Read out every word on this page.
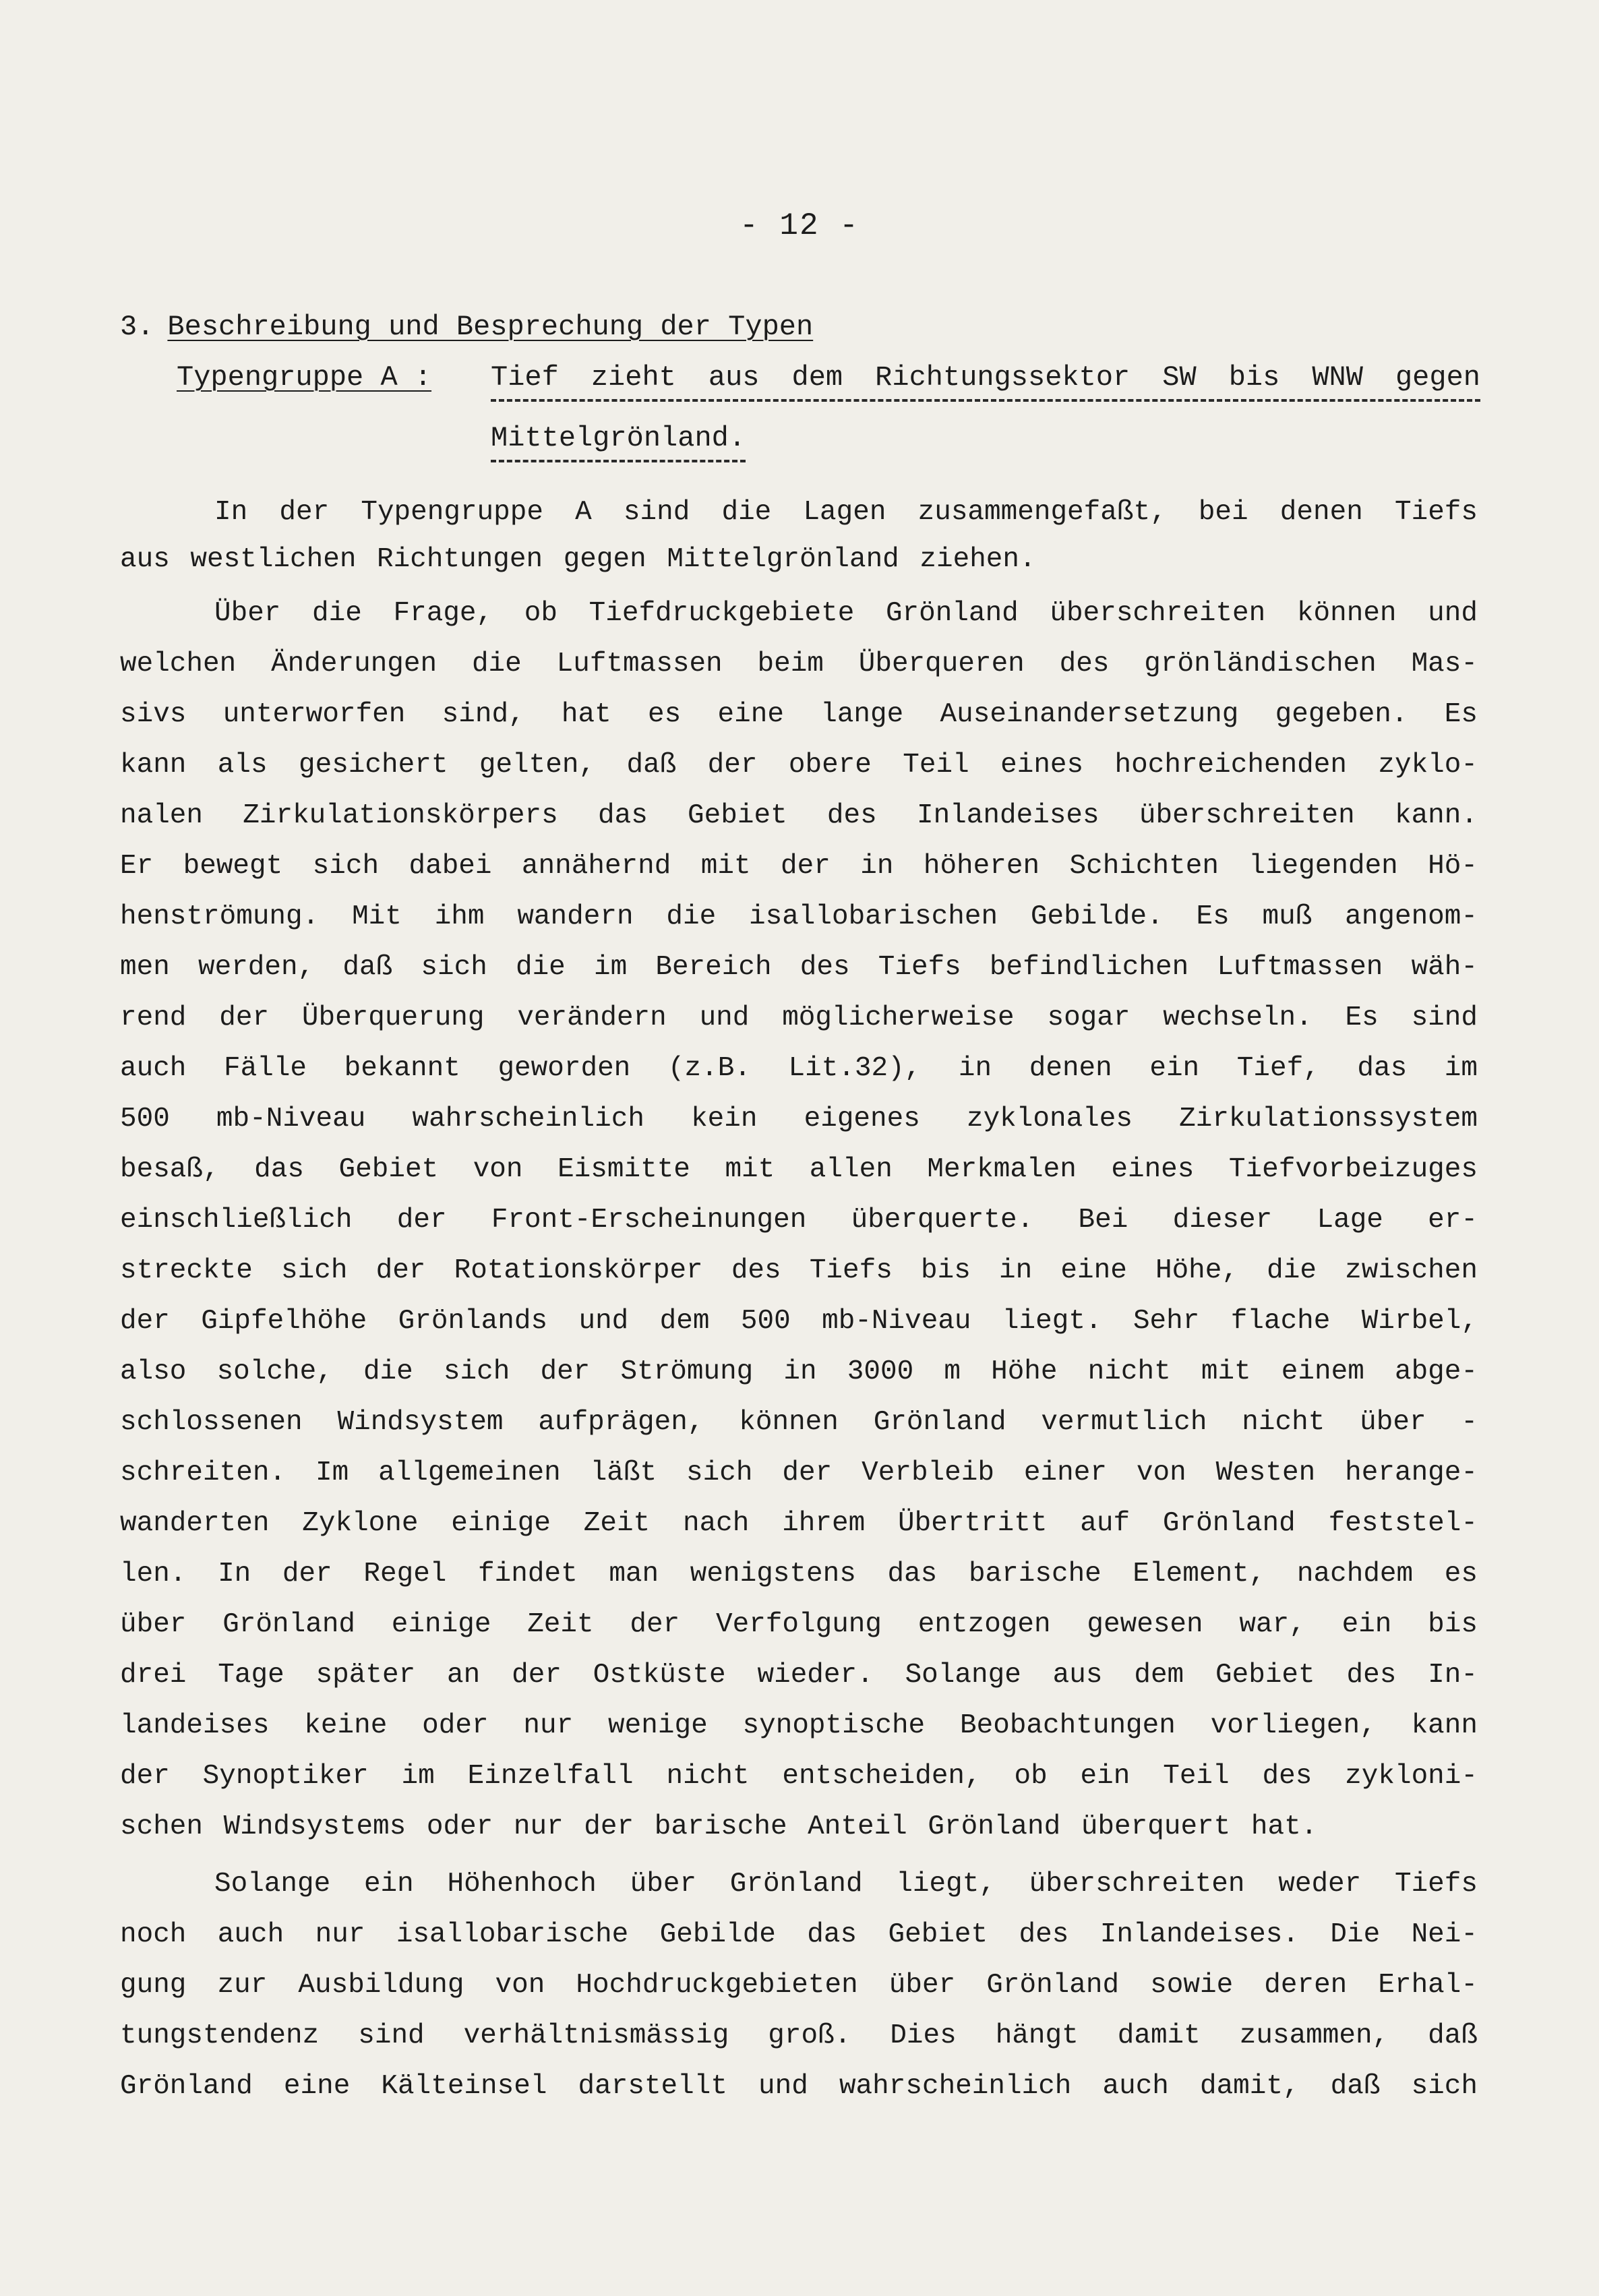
- 12 -
3. Beschreibung und Besprechung der Typen
Typengruppe A : Tief zieht aus dem Richtungssektor SW bis WNW gegen
Mittelgrönland.
In der Typengruppe A sind die Lagen zusammengefaßt, bei denen Tiefs
aus westlichen Richtungen gegen Mittelgrönland ziehen.
Über die Frage, ob Tiefdruckgebiete Grönland überschreiten können und
welchen Änderungen die Luftmassen beim Überqueren des grönländischen Mas-
sivs unterworfen sind, hat es eine lange Auseinandersetzung gegeben. Es
kann als gesichert gelten, daß der obere Teil eines hochreichenden zyklo-
nalen Zirkulationskörpers das Gebiet des Inlandeises überschreiten kann.
Er bewegt sich dabei annähernd mit der in höheren Schichten liegenden Hö-
henströmung. Mit ihm wandern die isallobarischen Gebilde. Es muß angenom-
men werden, daß sich die im Bereich des Tiefs befindlichen Luftmassen wäh-
rend der Überquerung verändern und möglicherweise sogar wechseln. Es sind
auch Fälle bekannt geworden (z.B. Lit.32), in denen ein Tief, das im
500 mb-Niveau wahrscheinlich kein eigenes zyklonales Zirkulationssystem
besaß, das Gebiet von Eismitte mit allen Merkmalen eines Tiefvorbeizuges
einschließlich der Front-Erscheinungen überquerte. Bei dieser Lage er-
streckte sich der Rotationskörper des Tiefs bis in eine Höhe, die zwischen
der Gipfelhöhe Grönlands und dem 500 mb-Niveau liegt. Sehr flache Wirbel,
also solche, die sich der Strömung in 3000 m Höhe nicht mit einem abge-
schlossenen Windsystem aufprägen, können Grönland vermutlich nicht über -
schreiten. Im allgemeinen läßt sich der Verbleib einer von Westen herange-
wanderten Zyklone einige Zeit nach ihrem Übertritt auf Grönland feststel-
len. In der Regel findet man wenigstens das barische Element, nachdem es
über Grönland einige Zeit der Verfolgung entzogen gewesen war, ein bis
drei Tage später an der Ostküste wieder. Solange aus dem Gebiet des In-
landeises keine oder nur wenige synoptische Beobachtungen vorliegen, kann
der Synoptiker im Einzelfall nicht entscheiden, ob ein Teil des zykloni-
schen Windsystems oder nur der barische Anteil Grönland überquert hat.
Solange ein Höhenhoch über Grönland liegt, überschreiten weder Tiefs
noch auch nur isallobarische Gebilde das Gebiet des Inlandeises. Die Nei-
gung zur Ausbildung von Hochdruckgebieten über Grönland sowie deren Erhal-
tungstendenz sind verhältnismässig groß. Dies hängt damit zusammen, daß
Grönland eine Kälteinsel darstellt und wahrscheinlich auch damit, daß sich
